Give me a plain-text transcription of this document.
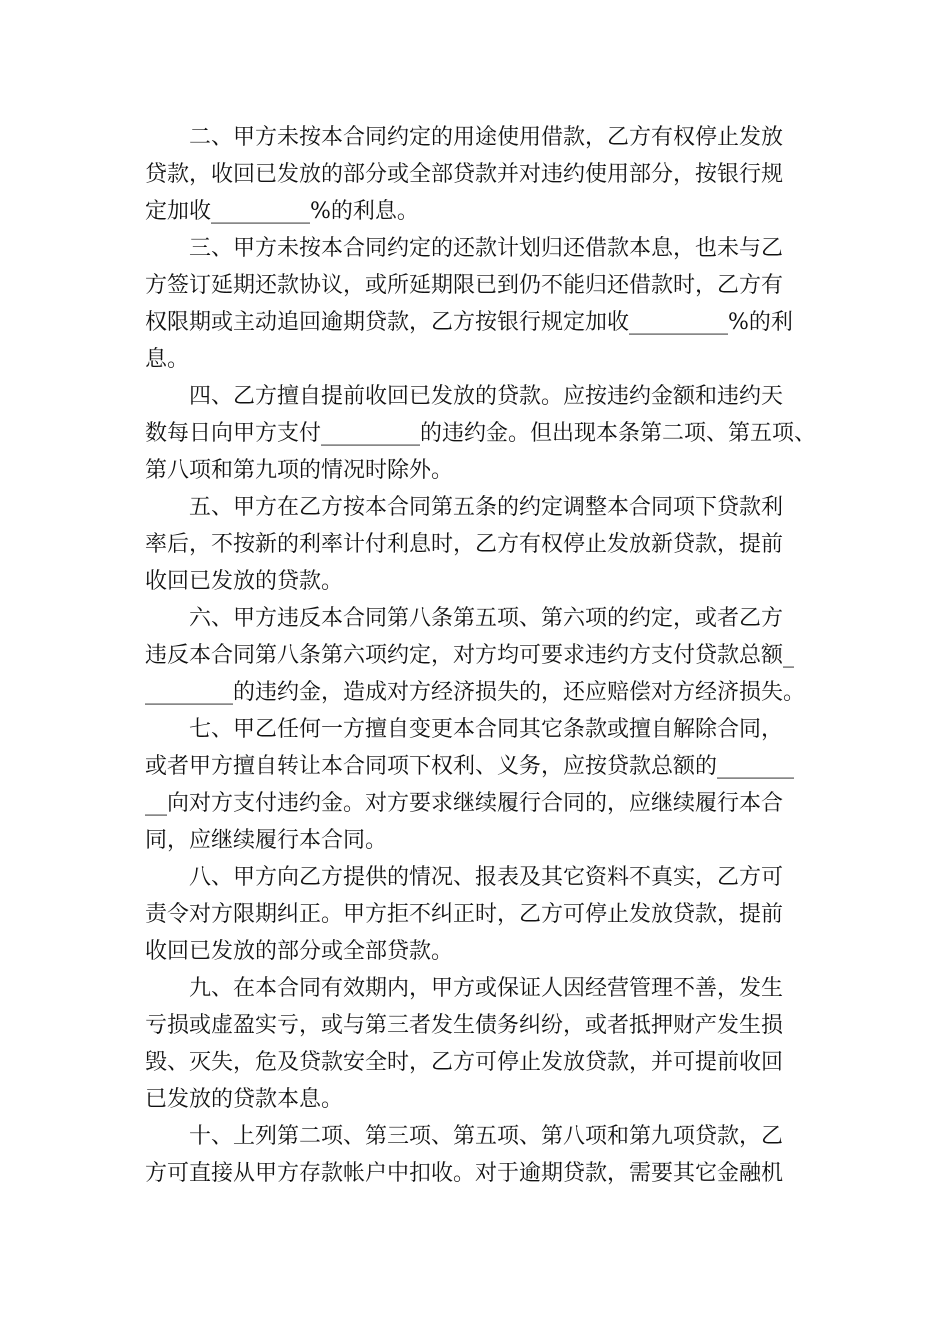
二、甲方未按本合同约定的用途使用借款，乙方有权停止发放
贷款，收回已发放的部分或全部贷款并对违约使用部分，按银行规
定加收_________%的利息。
三、甲方未按本合同约定的还款计划归还借款本息，也未与乙
方签订延期还款协议，或所延期限已到仍不能归还借款时，乙方有
权限期或主动追回逾期贷款，乙方按银行规定加收_________%的利
息。
四、乙方擅自提前收回已发放的贷款。应按违约金额和违约天
数每日向甲方支付_________的违约金。但出现本条第二项、第五项、
第八项和第九项的情况时除外。
五、甲方在乙方按本合同第五条的约定调整本合同项下贷款利
率后，不按新的利率计付利息时，乙方有权停止发放新贷款，提前
收回已发放的贷款。
六、甲方违反本合同第八条第五项、第六项的约定，或者乙方
违反本合同第八条第六项约定，对方均可要求违约方支付贷款总额_
________的违约金，造成对方经济损失的，还应赔偿对方经济损失。
七、甲乙任何一方擅自变更本合同其它条款或擅自解除合同，
或者甲方擅自转让本合同项下权利、义务，应按贷款总额的_______
__向对方支付违约金。对方要求继续履行合同的，应继续履行本合
同，应继续履行本合同。
八、甲方向乙方提供的情况、报表及其它资料不真实，乙方可
责令对方限期纠正。甲方拒不纠正时，乙方可停止发放贷款，提前
收回已发放的部分或全部贷款。
九、在本合同有效期内，甲方或保证人因经营管理不善，发生
亏损或虚盈实亏，或与第三者发生债务纠纷，或者抵押财产发生损
毁、灭失，危及贷款安全时，乙方可停止发放贷款，并可提前收回
已发放的贷款本息。
十、上列第二项、第三项、第五项、第八项和第九项贷款，乙
方可直接从甲方存款帐户中扣收。对于逾期贷款，需要其它金融机
